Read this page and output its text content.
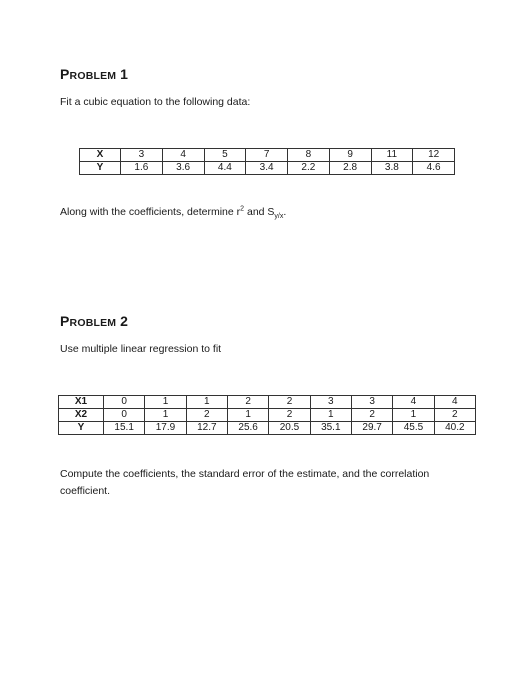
PROBLEM 1
Fit a cubic equation to the following data:
X	3	4	5	7	8	9	11	12
Y	1.6	3.6	4.4	3.4	2.2	2.8	3.8	4.6
Along with the coefficients, determine $r^2$ and $S_{y/x}$.
PROBLEM 2
Use multiple linear regression to fit
X1	0	1	1	2	2	3	3	4	4
X2	0	1	2	1	2	1	2	1	2
Y	15.1	17.9	12.7	25.6	20.5	35.1	29.7	45.5	40.2
Compute the coefficients, the standard error of the estimate, and the correlation
coefficient.
